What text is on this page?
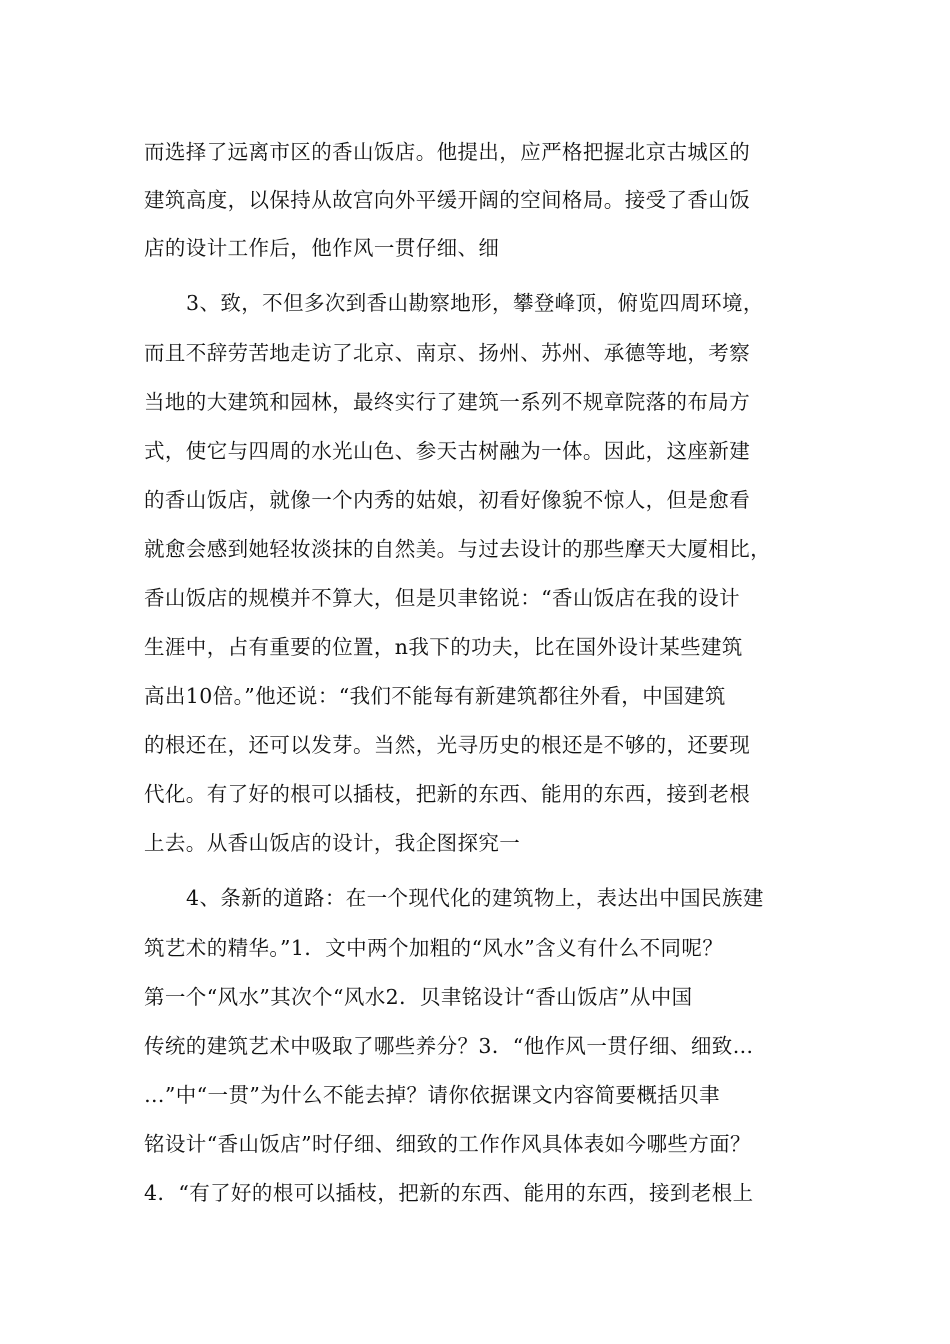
而选择了远离市区的香山饭店。他提出，应严格把握北京古城区的
建筑高度，以保持从故宫向外平缓开阔的空间格局。接受了香山饭
店的设计工作后，他作风一贯仔细、细
3、致，不但多次到香山勘察地形，攀登峰顶，俯览四周环境，
而且不辞劳苦地走访了北京、南京、扬州、苏州、承德等地，考察
当地的大建筑和园林，最终实行了建筑一系列不规章院落的布局方
式，使它与四周的水光山色、参天古树融为一体。因此，这座新建
的香山饭店，就像一个内秀的姑娘，初看好像貌不惊人，但是愈看
就愈会感到她轻妆淡抹的自然美。与过去设计的那些摩天大厦相比，
香山饭店的规模并不算大，但是贝聿铭说：“香山饭店在我的设计
生涯中，占有重要的位置，n我下的功夫，比在国外设计某些建筑
高出10倍。”他还说：“我们不能每有新建筑都往外看，中国建筑
的根还在，还可以发芽。当然，光寻历史的根还是不够的，还要现
代化。有了好的根可以插枝，把新的东西、能用的东西，接到老根
上去。从香山饭店的设计，我企图探究一
4、条新的道路：在一个现代化的建筑物上，表达出中国民族建
筑艺术的精华。”1．文中两个加粗的“风水”含义有什么不同呢？
第一个“风水”其次个“风水2．贝聿铭设计“香山饭店”从中国
传统的建筑艺术中吸取了哪些养分？3．“他作风一贯仔细、细致…
…”中“一贯”为什么不能去掉？请你依据课文内容简要概括贝聿
铭设计“香山饭店”时仔细、细致的工作作风具体表如今哪些方面？
4．“有了好的根可以插枝，把新的东西、能用的东西，接到老根上
